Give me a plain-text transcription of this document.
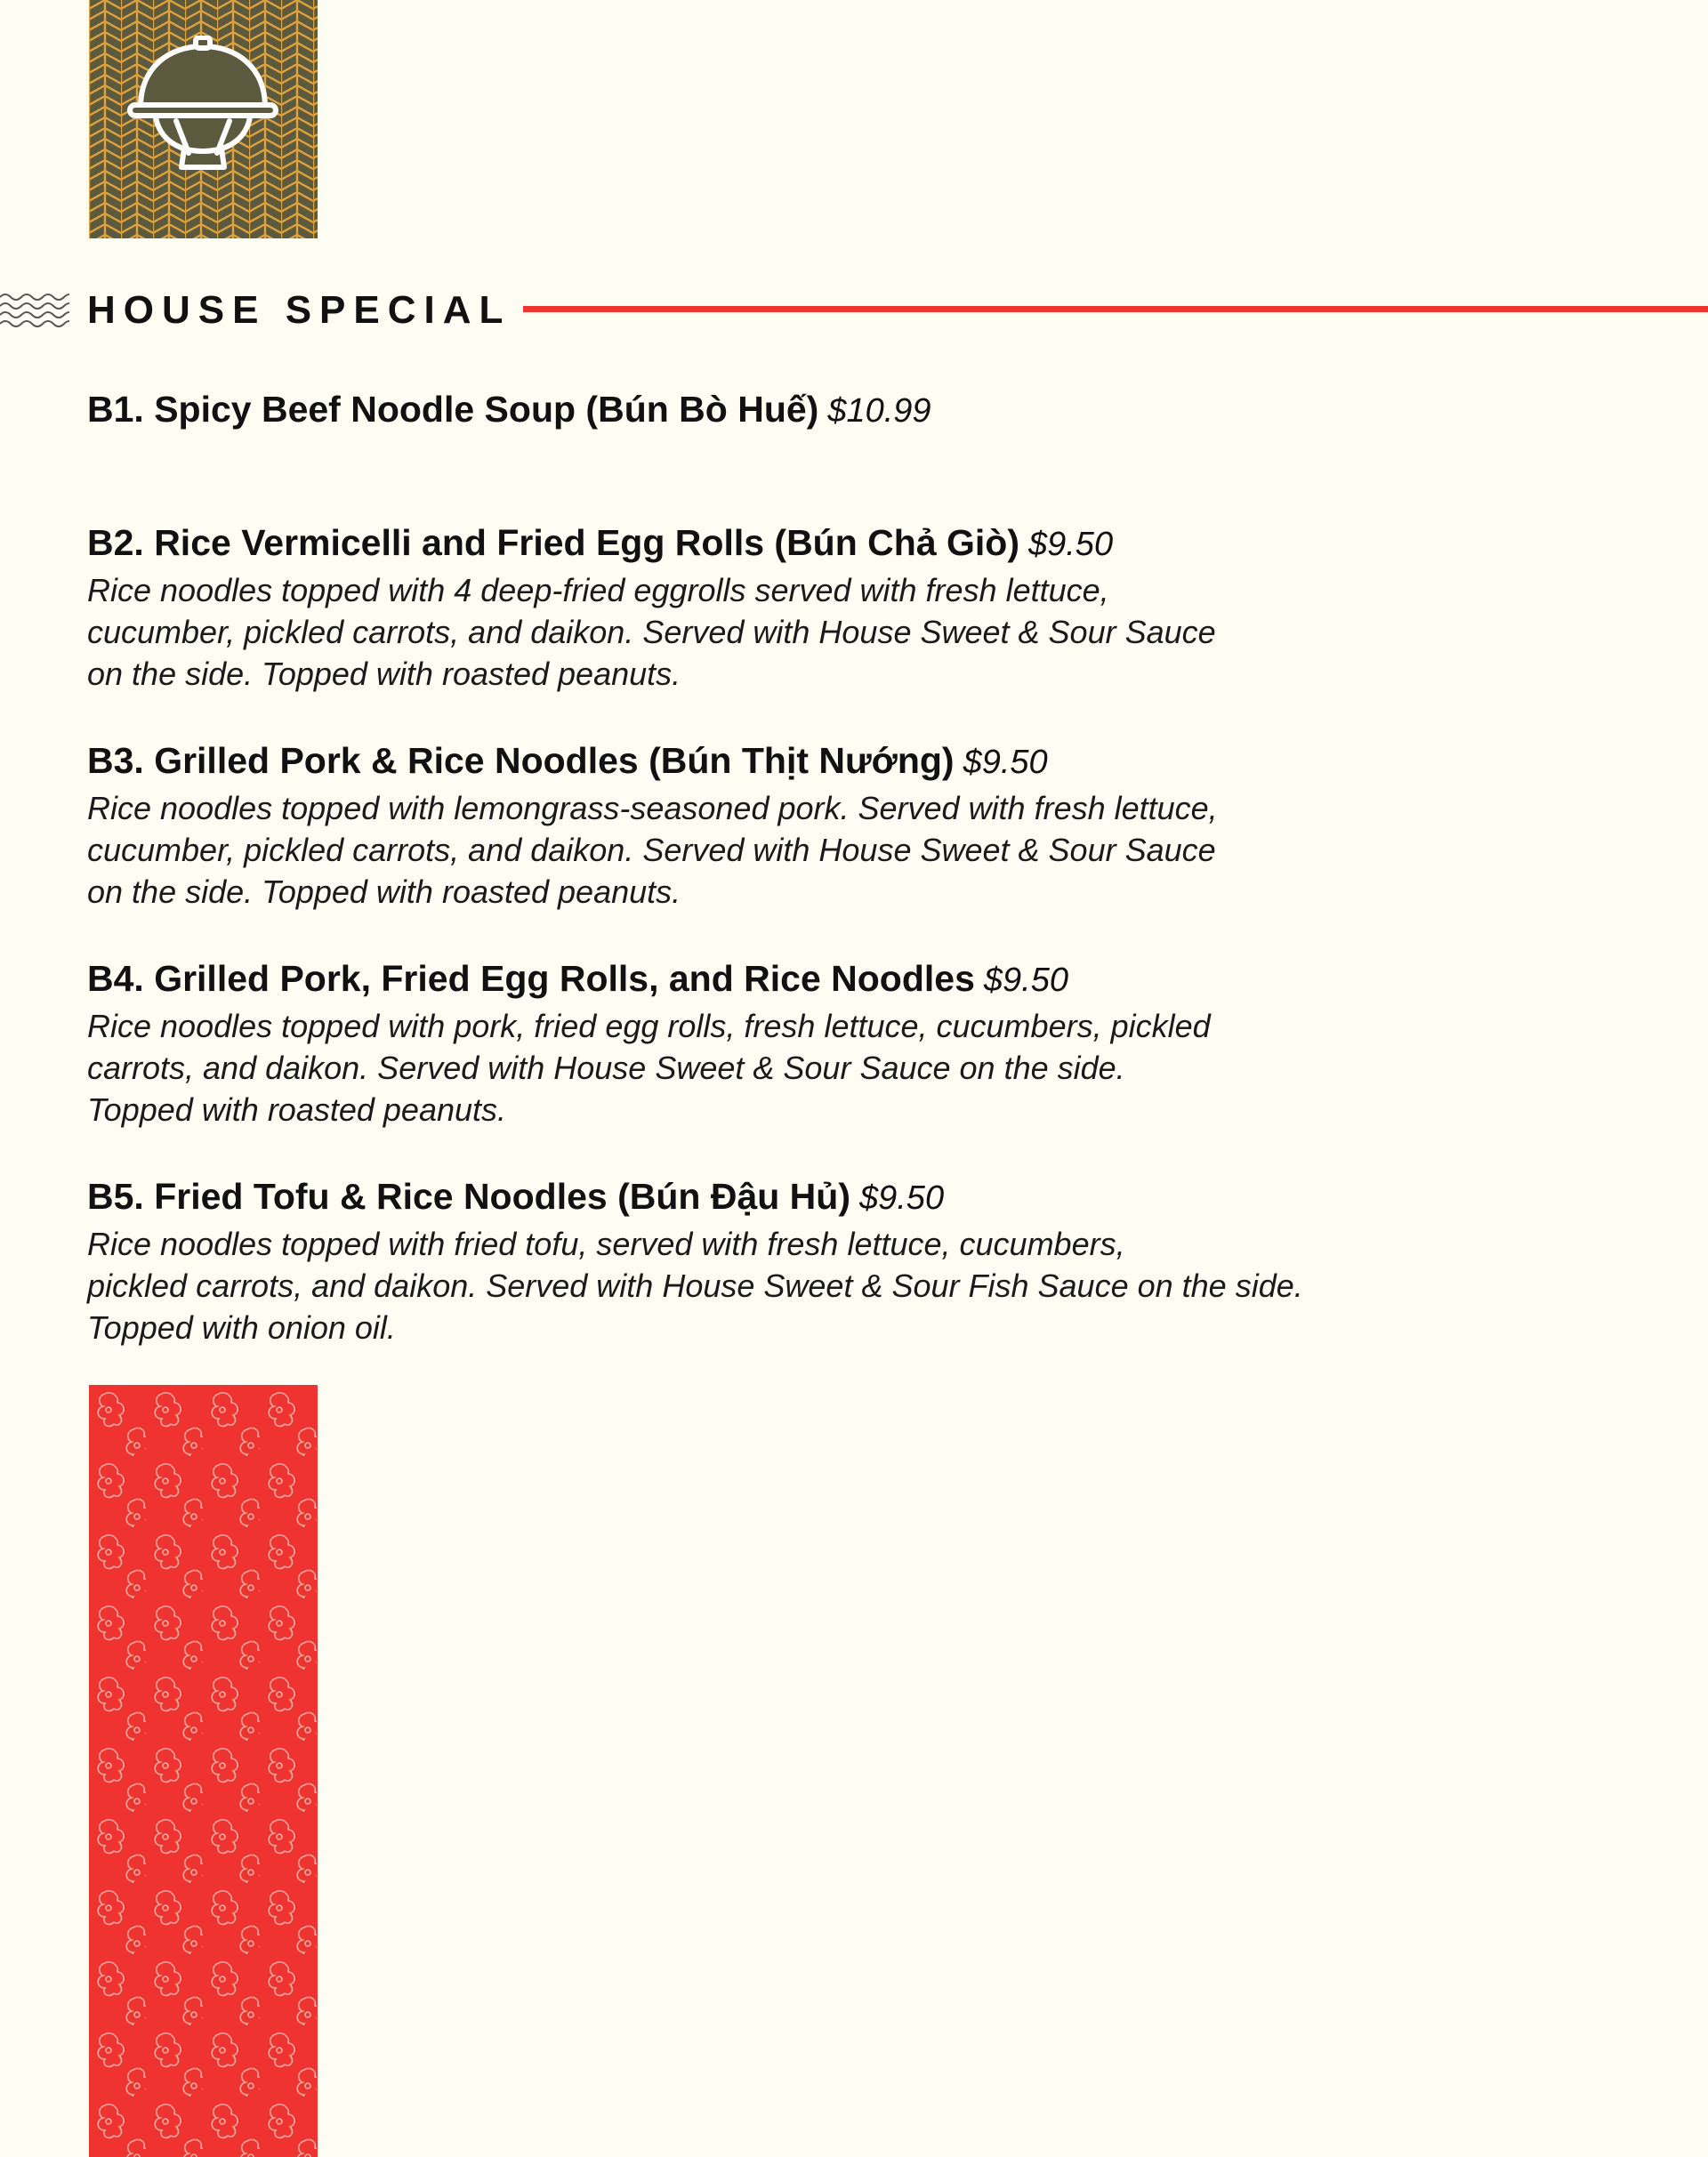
HOUSE SPECIAL
B1. Spicy Beef Noodle Soup (Bún Bò Huế) $10.99
B2. Rice Vermicelli and Fried Egg Rolls (Bún Chả Giò) $9.50
Rice noodles topped with 4 deep-fried eggrolls served with fresh lettuce,
cucumber, pickled carrots, and daikon. Served with House Sweet & Sour Sauce
on the side. Topped with roasted peanuts.
B3. Grilled Pork & Rice Noodles (Bún Thịt Nướng) $9.50
Rice noodles topped with lemongrass-seasoned pork. Served with fresh lettuce,
cucumber, pickled carrots, and daikon. Served with House Sweet & Sour Sauce
on the side. Topped with roasted peanuts.
B4. Grilled Pork, Fried Egg Rolls, and Rice Noodles $9.50
Rice noodles topped with pork, fried egg rolls, fresh lettuce, cucumbers, pickled
carrots, and daikon. Served with House Sweet & Sour Sauce on the side.
Topped with roasted peanuts.
B5. Fried Tofu & Rice Noodles (Bún Đậu Hủ) $9.50
Rice noodles topped with fried tofu, served with fresh lettuce, cucumbers,
pickled carrots, and daikon. Served with House Sweet & Sour Fish Sauce on the side.
Topped with onion oil.
